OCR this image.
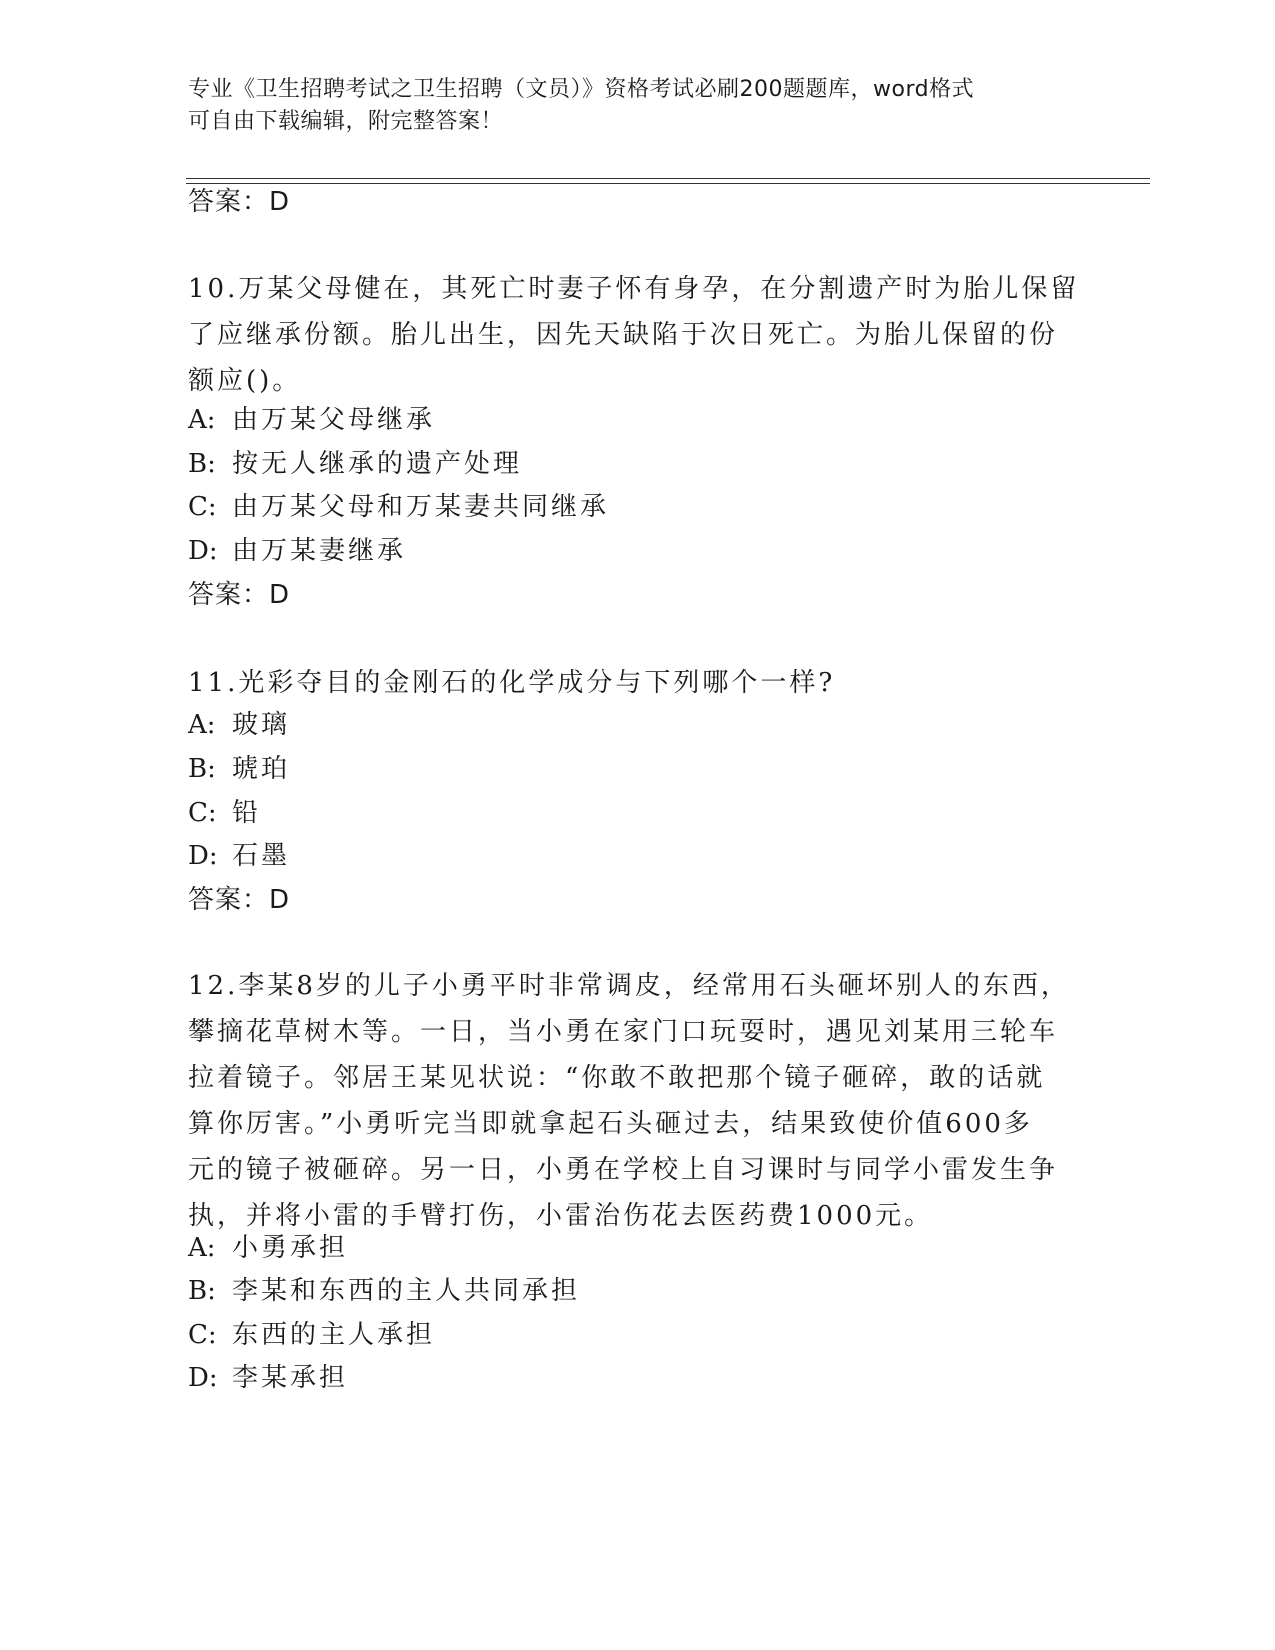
专业《卫生招聘考试之卫生招聘（文员）》资格考试必刷200题题库，word格式
可自由下载编辑，附完整答案！
答案：D
10.万某父母健在，其死亡时妻子怀有身孕，在分割遗产时为胎儿保留
了应继承份额。胎儿出生，因先天缺陷于次日死亡。为胎儿保留的份
额应()。
A: 由万某父母继承
B: 按无人继承的遗产处理
C: 由万某父母和万某妻共同继承
D: 由万某妻继承
答案：D
11.光彩夺目的金刚石的化学成分与下列哪个一样?
A: 玻璃
B: 琥珀
C: 铅
D: 石墨
答案：D
12.李某8岁的儿子小勇平时非常调皮，经常用石头砸坏别人的东西，
攀摘花草树木等。一日，当小勇在家门口玩耍时，遇见刘某用三轮车
拉着镜子。邻居王某见状说：“你敢不敢把那个镜子砸碎，敢的话就
算你厉害。”小勇听完当即就拿起石头砸过去，结果致使价值600多
元的镜子被砸碎。另一日，小勇在学校上自习课时与同学小雷发生争
执，并将小雷的手臂打伤，小雷治伤花去医药费1000元。
A: 小勇承担
B: 李某和东西的主人共同承担
C: 东西的主人承担
D: 李某承担
